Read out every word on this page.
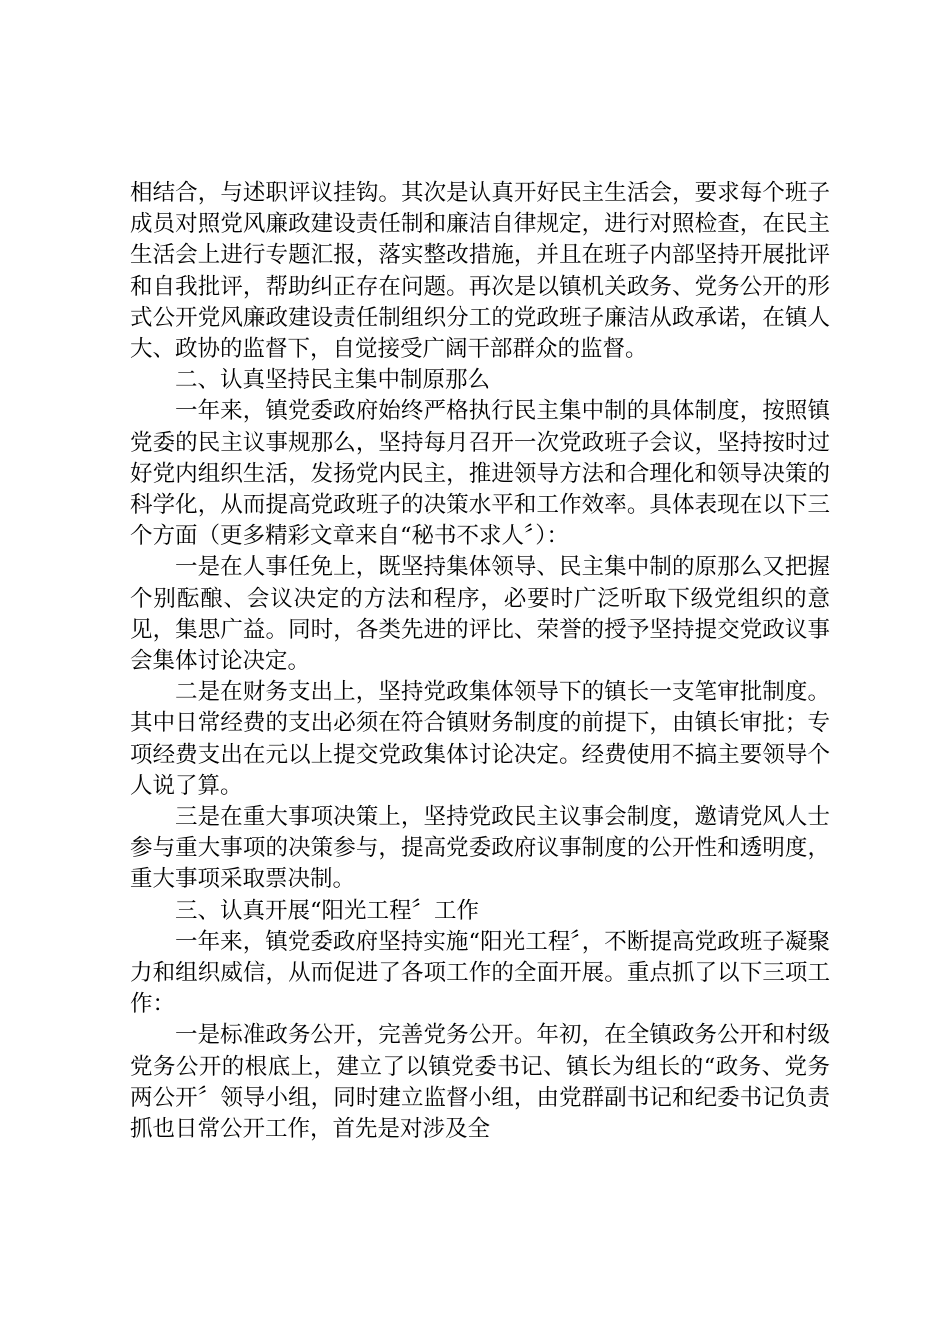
相结合，与述职评议挂钩。其次是认真开好民主生活会，要求每个班子成员对照党风廉政建设责任制和廉洁自律规定，进行对照检查，在民主生活会上进行专题汇报，落实整改措施，并且在班子内部坚持开展批评和自我批评，帮助纠正存在问题。再次是以镇机关政务、党务公开的形式公开党风廉政建设责任制组织分工的党政班子廉洁从政承诺，在镇人大、政协的监督下，自觉接受广阔干部群众的监督。

二、认真坚持民主集中制原那么

一年来，镇党委政府始终严格执行民主集中制的具体制度，按照镇党委的民主议事规那么，坚持每月召开一次党政班子会议，坚持按时过好党内组织生活，发扬党内民主，推进领导方法和合理化和领导决策的科学化，从而提高党政班子的决策水平和工作效率。具体表现在以下三个方面（更多精彩文章来自“秘书不求人〞）：

一是在人事任免上，既坚持集体领导、民主集中制的原那么又把握个别酝酿、会议决定的方法和程序，必要时广泛听取下级党组织的意见，集思广益。同时，各类先进的评比、荣誉的授予坚持提交党政议事会集体讨论决定。

二是在财务支出上，坚持党政集体领导下的镇长一支笔审批制度。其中日常经费的支出必须在符合镇财务制度的前提下，由镇长审批；专项经费支出在元以上提交党政集体讨论决定。经费使用不搞主要领导个人说了算。

三是在重大事项决策上，坚持党政民主议事会制度，邀请党风人士参与重大事项的决策参与，提高党委政府议事制度的公开性和透明度，重大事项采取票决制。

三、认真开展“阳光工程〞工作

一年来，镇党委政府坚持实施“阳光工程〞，不断提高党政班子凝聚力和组织威信，从而促进了各项工作的全面开展。重点抓了以下三项工作：

一是标准政务公开，完善党务公开。年初，在全镇政务公开和村级党务公开的根底上，建立了以镇党委书记、镇长为组长的“政务、党务两公开〞领导小组，同时建立监督小组，由党群副书记和纪委书记负责抓也日常公开工作，首先是对涉及全
